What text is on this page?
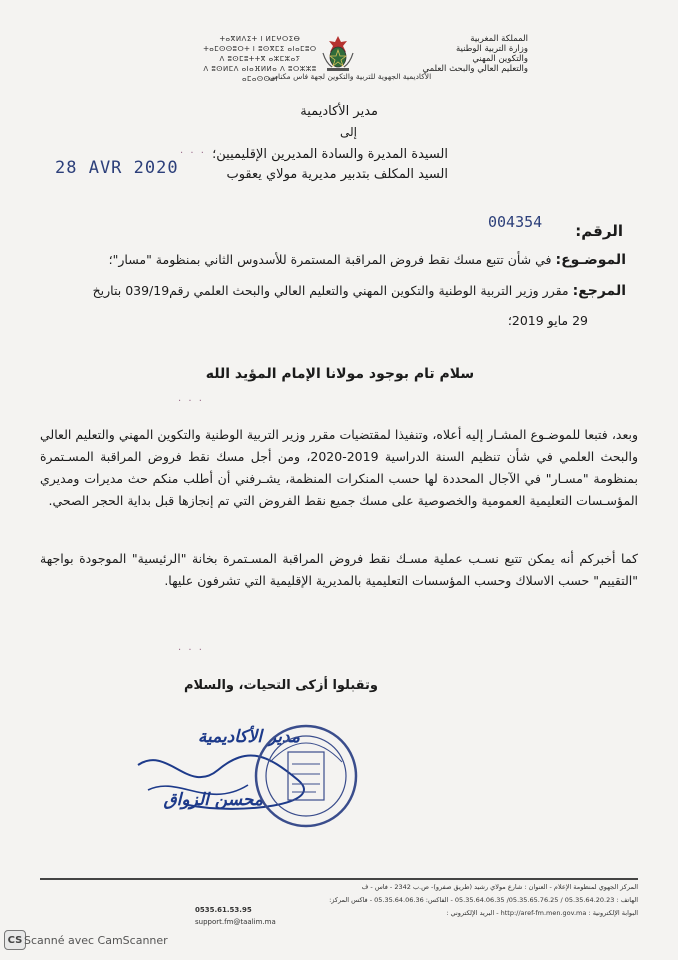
ⵜⴰⴳⵍⴷⵉⵜ ⵏ ⵍⵎⵖⵔⵉⴱ
ⵜⴰⵎⵙⵙⵓⵔⵜ ⵏ ⵓⵙⴳⵎⵉ ⴰⵏⴰⵎⵓⵔ
ⴷ ⵓⵙⵎⵓⵜⵜⴳ ⴰⵣⵎⵣⴰⵢ
ⴷ ⵓⵙⵍⵎⴷ ⴰⵏⴰⴼⵍⵍⴰ ⴷ ⵓⵔⵣⵣⵓ ⴰⵎⴰⵙⵙⴰⵏ
المملكة المغربية
وزارة التربية الوطنية
والتكوين المهني
والتعليم العالي والبحث العلمي
الأكاديمية الجهوية للتربية والتكوين لجهة فاس مكناس
مدير الأكاديمية
إلى
السيدة المديرة والسادة المديرين الإقليميين؛
السيد المكلف بتدبير مديرية مولاي يعقوب
· · ·
28 AVR 2020
004354 الرقم:
الموضـوع: في شأن تتبع مسك نقط فروض المراقبة المستمرة للأسدوس الثاني بمنظومة "مسار"؛
المرجع: مقرر وزير التربية الوطنية والتكوين المهني والتعليم العالي والبحث العلمي رقم039/19 بتاريخ
29 مايو 2019؛
سلام تام بوجود مولانا الإمام المؤيد الله
· · ·
وبعد، فتبعا للموضـوع المشـار إليه أعلاه، وتنفيذا لمقتضيات مقرر وزير التربية الوطنية والتكوين المهني والتعليم العالي والبحث العلمي في شأن تنظيم السنة الدراسية 2019-2020، ومن أجل مسك نقط فروض المراقبة المسـتمرة بمنظومة "مسـار" في الآجال المحددة لها حسب المنكرات المنظمة، يشـرفني أن أطلب منكم حث مديرات ومديري المؤسـسات التعليمية العمومية والخصوصية على مسك جميع نقط الفروض التي تم إنجازها قبل بداية الحجر الصحي.
كما أخبركم أنه يمكن تتبع نسـب عملية مسـك نقط فروض المراقبة المسـتمرة بخانة "الرئيسية" الموجودة بواجهة "التقييم" حسب الاسلاك وحسب المؤسسات التعليمية بالمديرية الإقليمية التي تشرفون عليها.
· · ·
وتقبلوا أزكى التحيات، والسلام
مدير الأكاديمية
محسن الزواق
المركز الجهوي لمنظومة الإعلام - العنوان : شارع مولاي رشيد (طريق صفرو)- ص.ب 2342 - فاس - ف
الهاتف : 05.35.64.20.23 / 05.35.65.76.25/ 05.35.64.06.35 - الفاكس: 05.35.64.06.36 - فاكس المركز:
البوابة الإلكترونية : http://aref-fm.men.gov.ma - البريد الإلكتروني :
0535.61.53.95
support.fm@taalim.ma
CS Scanné avec CamScanner
